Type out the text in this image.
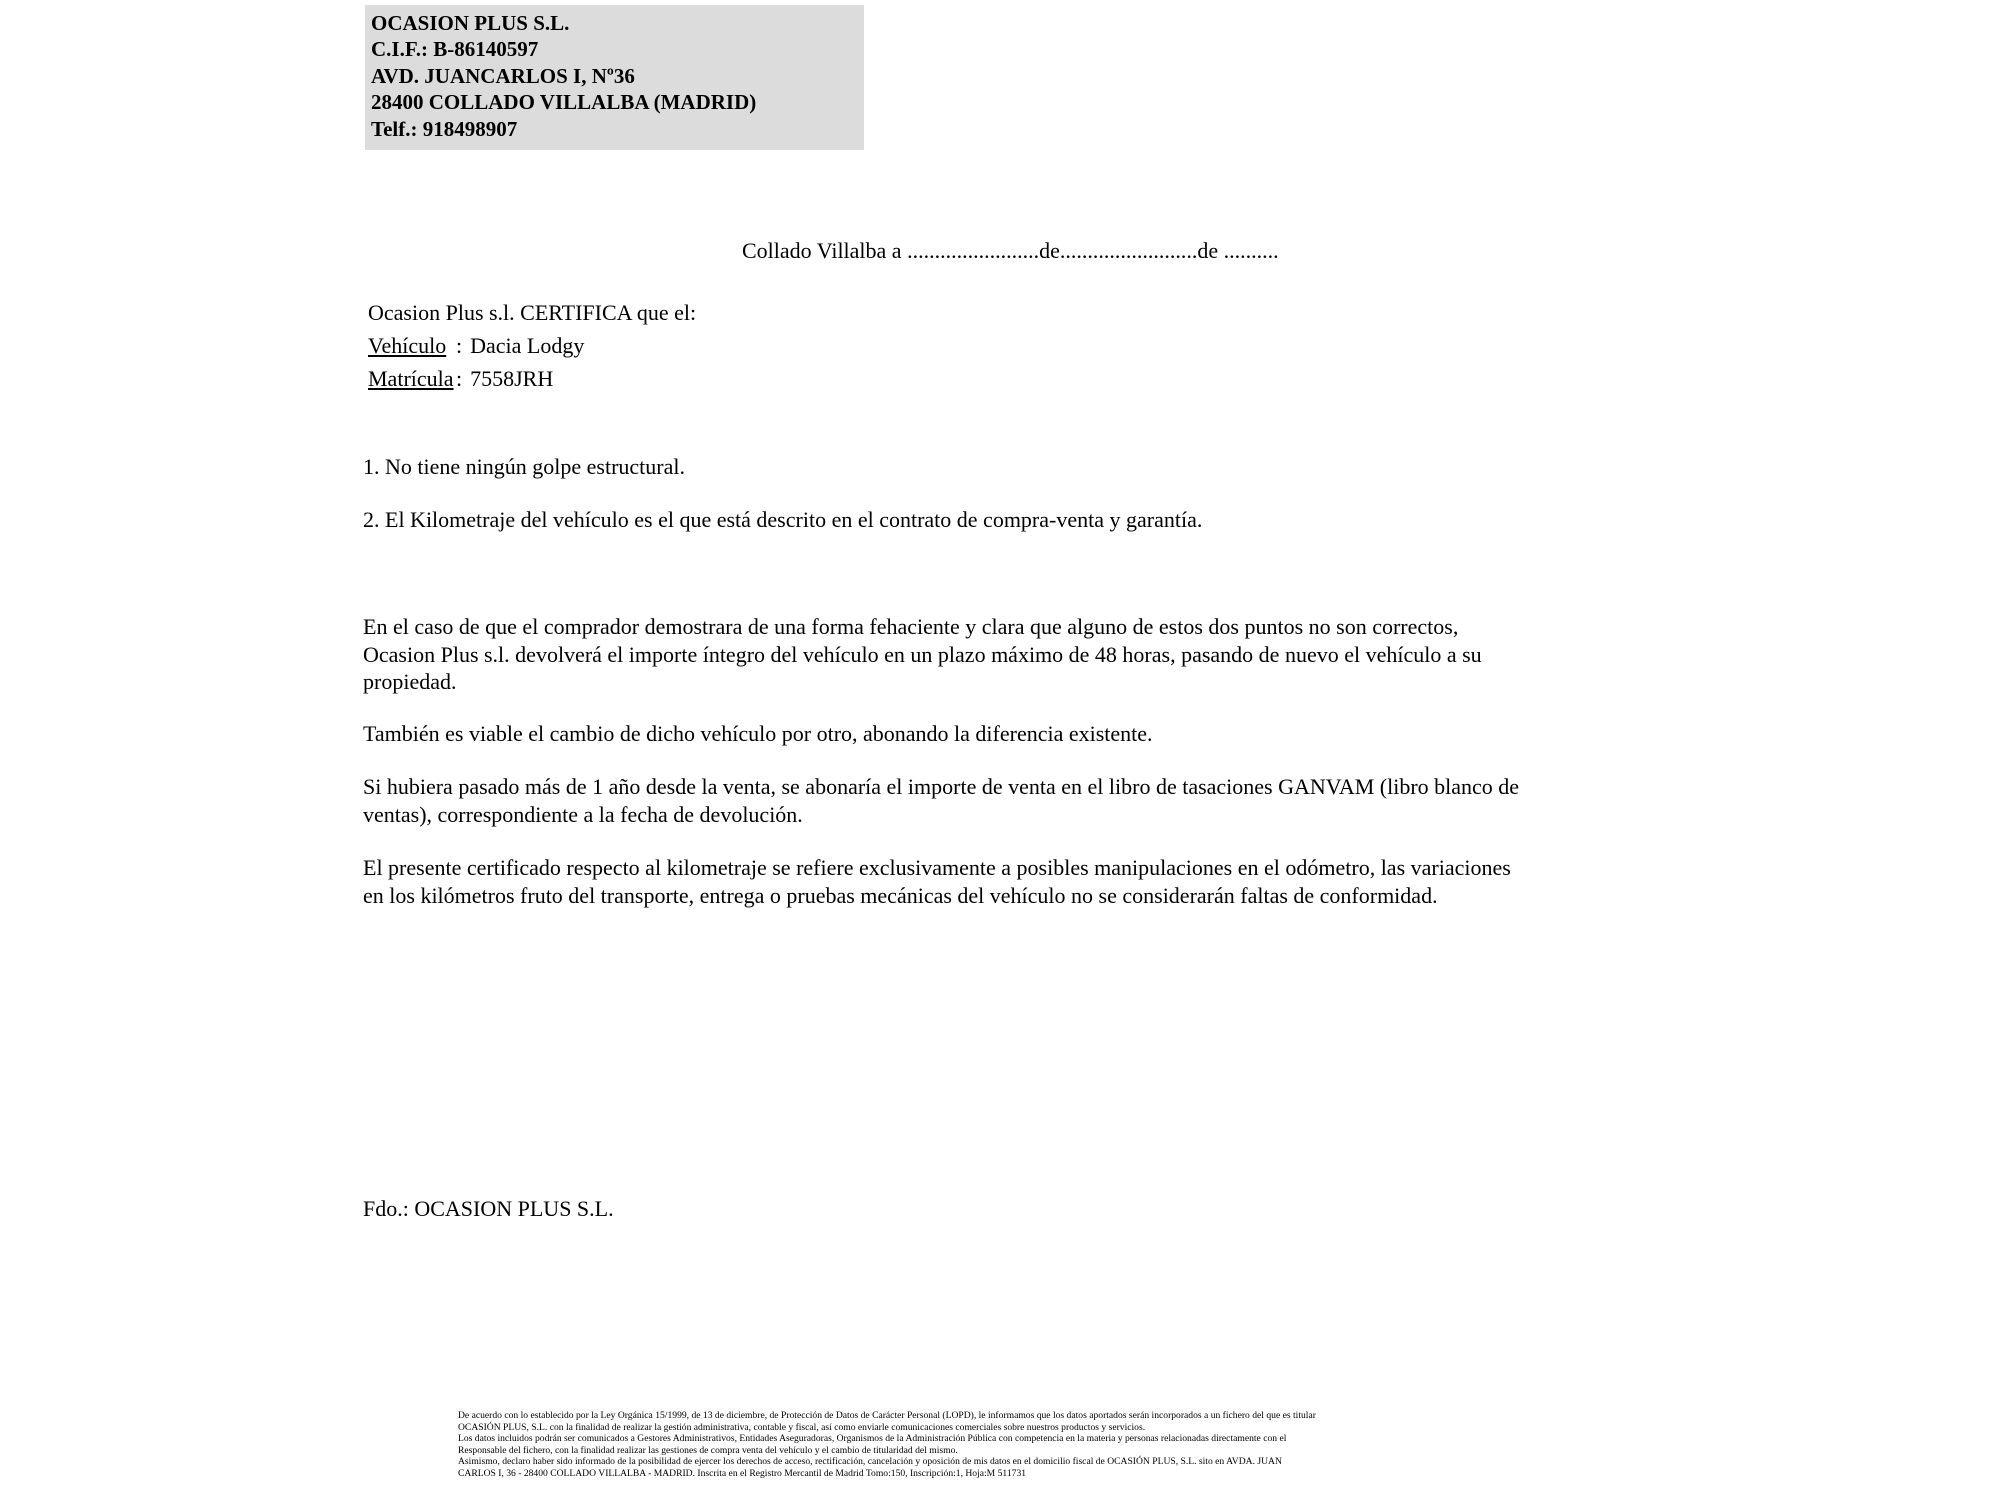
OCASION PLUS S.L.
C.I.F.: B-86140597
AVD. JUANCARLOS I, Nº36
28400 COLLADO VILLALBA (MADRID)
Telf.: 918498907
Collado Villalba a ........................de.........................de ..........
Ocasion Plus s.l. CERTIFICA que el:
Vehículo : Dacia Lodgy
Matrícula : 7558JRH
1. No tiene ningún golpe estructural.
2. El Kilometraje del vehículo es el que está descrito en el contrato de compra-venta y garantía.

En el caso de que el comprador demostrara de una forma fehaciente y clara que alguno de estos dos puntos no son correctos, Ocasion Plus s.l. devolverá el importe íntegro del vehículo en un plazo máximo de 48 horas, pasando de nuevo el vehículo a su propiedad.

También es viable el cambio de dicho vehículo por otro, abonando la diferencia existente.

Si hubiera pasado más de 1 año desde la venta, se abonaría el importe de venta en el libro de tasaciones GANVAM (libro blanco de ventas), correspondiente a la fecha de devolución.

El presente certificado respecto al kilometraje se refiere exclusivamente a posibles manipulaciones en el odómetro, las variaciones en los kilómetros fruto del transporte, entrega o pruebas mecánicas del vehículo no se considerarán faltas de conformidad.

Fdo.: OCASION PLUS S.L.
De acuerdo con lo establecido por la Ley Orgánica 15/1999, de 13 de diciembre, de Protección de Datos de Carácter Personal (LOPD), le informamos que los datos aportados serán incorporados a un fichero del que es titular
OCASIÓN PLUS, S.L. con la finalidad de realizar la gestión administrativa, contable y fiscal, así como enviarle comunicaciones comerciales sobre nuestros productos y servicios.
Los datos incluidos podrán ser comunicados a Gestores Administrativos, Entidades Aseguradoras, Organismos de la Administración Pública con competencia en la materia y personas relacionadas directamente con el
Responsable del fichero, con la finalidad realizar las gestiones de compra venta del vehículo y el cambio de titularidad del mismo.
Asimismo, declaro haber sido informado de la posibilidad de ejercer los derechos de acceso, rectificación, cancelación y oposición de mis datos en el domicilio fiscal de OCASIÓN PLUS, S.L. sito en AVDA. JUAN
CARLOS I, 36 - 28400 COLLADO VILLALBA - MADRID. Inscrita en el Registro Mercantil de Madrid Tomo:150, Inscripción:1, Hoja:M 511731
